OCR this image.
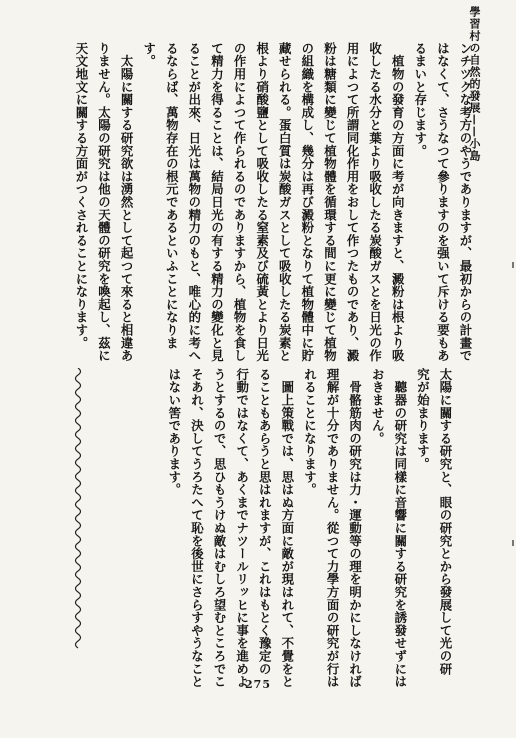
學習村の自然的發展——小島

ンチツクな考方のやうでありますが、最初からの計畫で

はなくて、さうなつて參りますのを强いて斥ける要もあ

るまいと存じます。

　植物の發育の方面に考が向きますと、澱粉は根より吸

收したる水分と葉より吸收したる炭酸ガスとを日光の作

用によつて所謂同化作用をおして作つたものであり、澱

粉は糖類に變じて植物體を循環する間に更に變じて植物

の組織を構成し、幾分は再び澱粉となりて植物體中に貯

藏せられる。蛋白質は炭酸ガスとして吸收したる炭素と

根より硝酸鹽として吸收したる窒素及び硫黃とより日光

の作用によつて作られるのでありますから、植物を食し

て精力を得ることは、結局日光の有する精力の變化と見

ることが出來、日光は萬物の精力のもと、唯心的に考へ

るならば、萬物存在の根元であるといふことになりま

す。

　太陽に關する研究欲は湧然として起つて來ると相違あ

りません。太陽の研究は他の天體の研究を喚起し、茲に

天文地文に關する方面がつくされることになります。

太陽に關する研究と、眼の研究とから發展して光の研

究が始まります。

　聽器の研究は同樣に音響に關する研究を誘發せずには

おきません。

　骨骼筋肉の研究は力・運動等の理を明かにしなければ

理解が十分でありません。從つて力學方面の研究が行は

れることになります。

　圖上策戰では、思はぬ方面に敵が現はれて、不覺をと

ることもあらうと思はれますが、これはもとく豫定の

行動ではなくて、あくまでナツールリッヒに事を進めよ

うとするので、思ひもうけぬ敵はむしろ望むところでこ

そあれ、決してうろたへて恥を後世にさらすやうなこと

はない筈であります。

275
